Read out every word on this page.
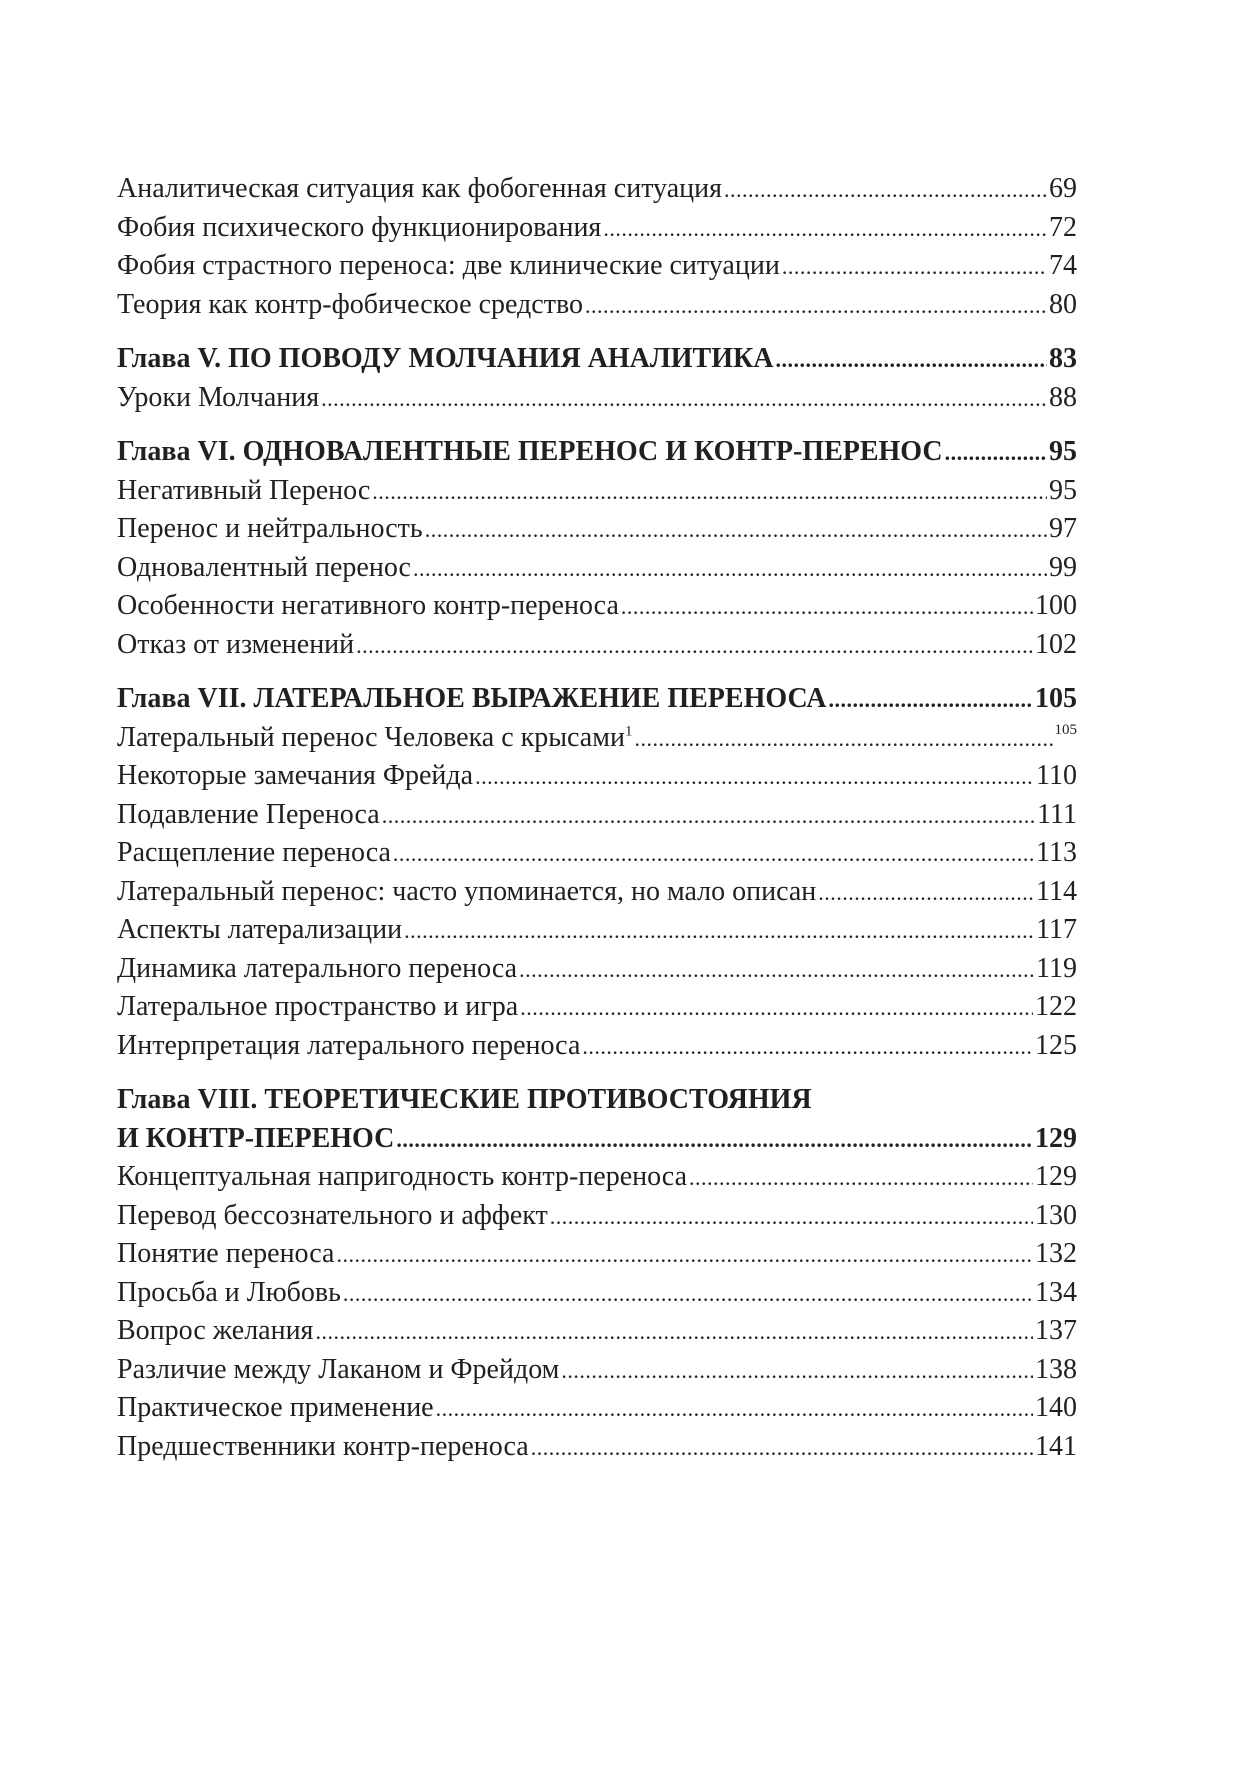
Аналитическая ситуация как фобогенная ситуация .....	69
Фобия психического функционирования .....	72
Фобия страстного переноса: две клинические ситуации .....	74
Теория как контр-фобическое средство .....	80
Глава V. ПО ПОВОДУ МОЛЧАНИЯ АНАЛИТИКА .....	83
Уроки Молчания .....	88
Глава VI. ОДНОВАЛЕНТНЫЕ ПЕРЕНОС И КОНТР-ПЕРЕНОС .....	95
Негативный Перенос .....	95
Перенос и нейтральность .....	97
Одновалентный перенос .....	99
Особенности негативного контр-переноса .....	100
Отказ от изменений .....	102
Глава VII. ЛАТЕРАЛЬНОЕ ВЫРАЖЕНИЕ ПЕРЕНОСА .....	105
Латеральный перенос Человека с крысами$^1$ .....	105
Некоторые замечания Фрейда .....	110
Подавление Переноса .....	111
Расщепление переноса .....	113
Латеральный перенос: часто упоминается, но мало описан .....	114
Аспекты латерализации .....	117
Динамика латерального переноса .....	119
Латеральное пространство и игра .....	122
Интерпретация латерального переноса .....	125
Глава VIII. ТЕОРЕТИЧЕСКИЕ ПРОТИВОСТОЯНИЯ
И КОНТР-ПЕРЕНОС .....	129
Концептуальная напригодность контр-переноса .....	129
Перевод бессознательного и аффект .....	130
Понятие переноса .....	132
Просьба и Любовь .....	134
Вопрос желания .....	137
Различие между Лаканом и Фрейдом .....	138
Практическое применение .....	140
Предшественники контр-переноса .....	141
